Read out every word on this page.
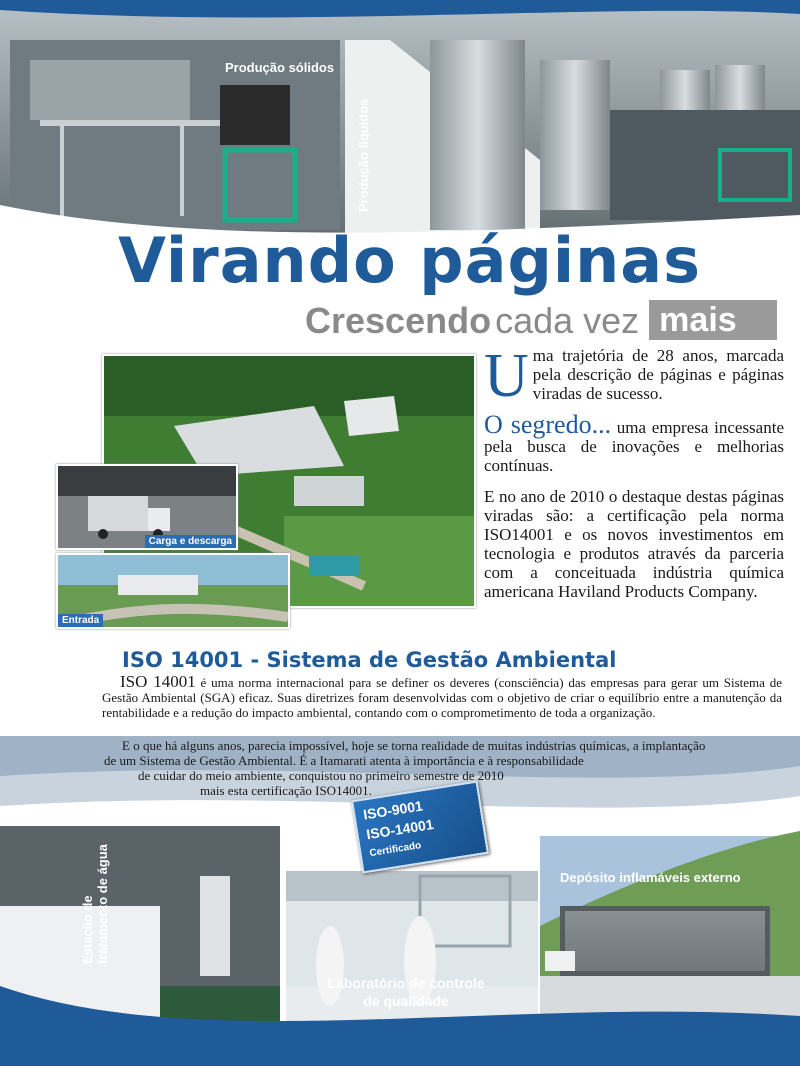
Produção sólidos
Produção líquidos
Virando páginas
Crescendo cada vez mais
Carga e descarga
Entrada

Uma trajetória de 28 anos, marcada pela descrição de páginas e páginas viradas de sucesso.

O segredo... uma empresa incessante pela busca de inovações e melhorias contínuas.

E no ano de 2010 o destaque destas páginas viradas são: a certificação pela norma ISO14001 e os novos investimentos em tecnologia e produtos através da parceria com a conceituada indústria química americana Haviland Products Company.

ISO 14001 - Sistema de Gestão Ambiental
ISO 14001 é uma norma internacional para se definer os deveres (consciência) das empresas para gerar um Sistema de Gestão Ambiental (SGA) eficaz. Suas diretrizes foram desenvolvidas com o objetivo de criar o equilíbrio entre a manutenção da rentabilidade e a redução do impacto ambiental, contando com o comprometimento de toda a organização.
Estação de tratamento de água
Laboratório de controle
de qualidade
Depósito inflamáveis externo
E o que há alguns anos, parecia impossível, hoje se torna realidade de muitas indústrias químicas, a implantação
de um Sistema de Gestão Ambiental. É a Itamarati atenta à importância e à responsabilidade
de cuidar do meio ambiente, conquistou no primeiro semestre de 2010
mais esta certificação ISO14001.
ISO-9001
ISO-14001
Certificado
